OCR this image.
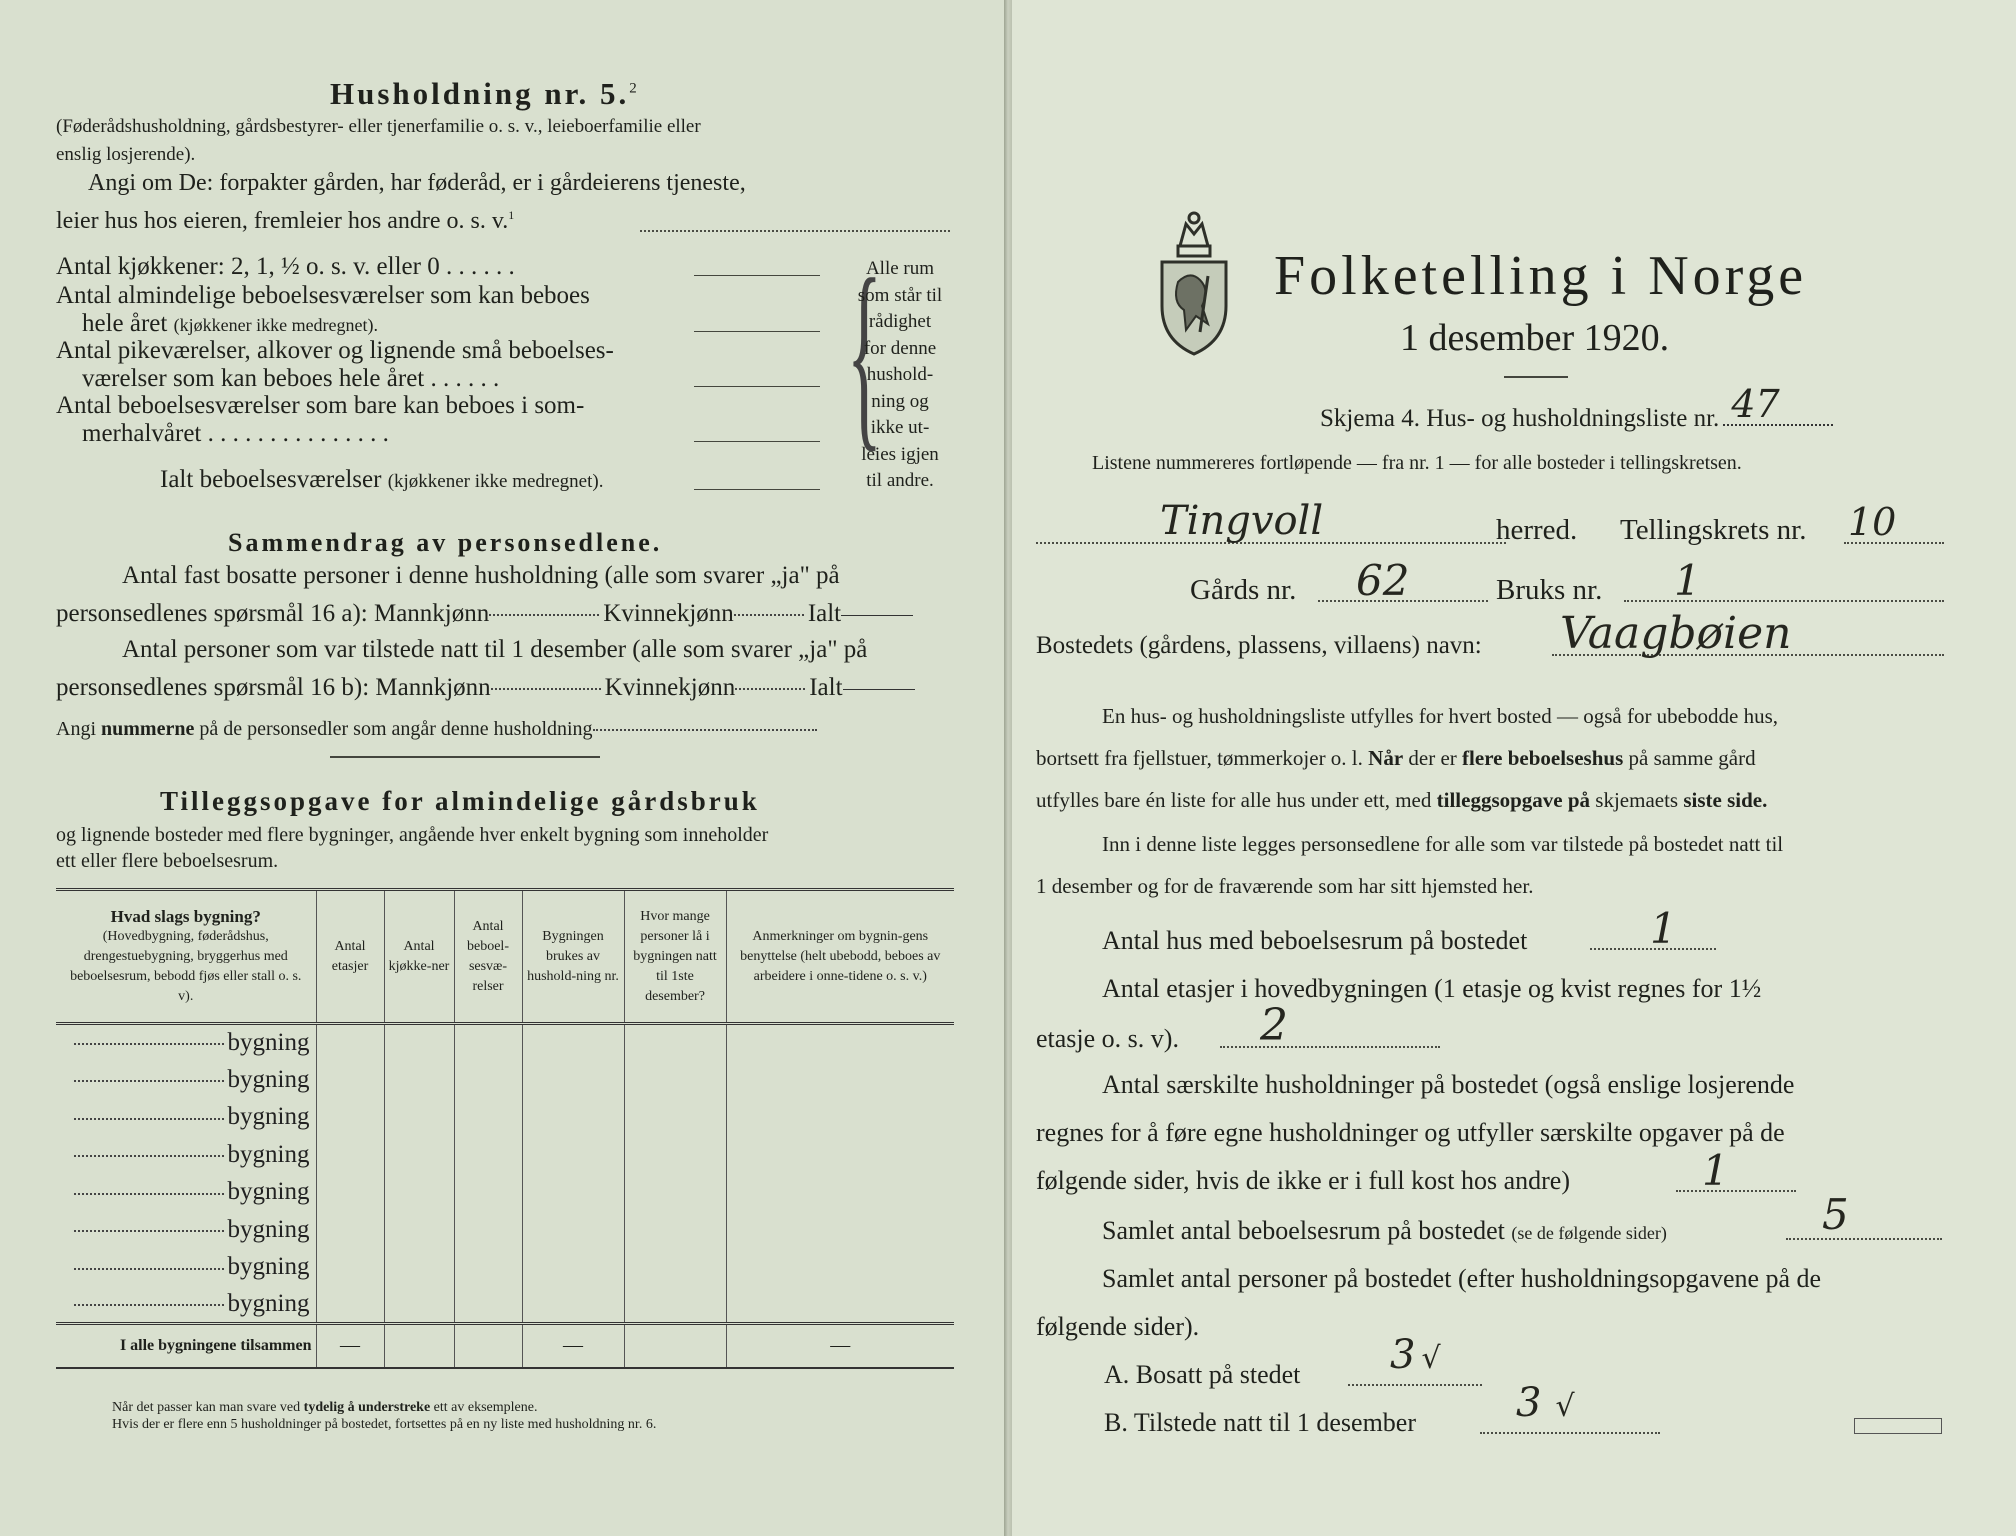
Husholdning nr. 5.$^2$
(Føderådshusholdning, gårdsbestyrer- eller tjenerfamilie o. s. v., leieboerfamilie eller
enslig losjerende).
Angi om De: forpakter gården, har føderåd, er i gårdeierens tjeneste,
leier hus hos eieren, fremleier hos andre o. s. v.$^1$
Antal kjøkkener: 2, 1, ½ o. s. v. eller 0 . . . . . .
Antal almindelige beboelsesværelser som kan beboes
hele året (kjøkkener ikke medregnet).
Antal pikeværelser, alkover og lignende små beboelses-
værelser som kan beboes hele året . . . . . .
Antal beboelsesværelser som bare kan beboes i som-
merhalvåret . . . . . . . . . . . . . . .
Ialt beboelsesværelser (kjøkkener ikke medregnet).
{
Alle rum
som står til
rådighet
for denne
hushold-
ning og
ikke ut-
leies igjen
til andre.
Sammendrag av personsedlene.
Antal fast bosatte personer i denne husholdning (alle som svarer „ja" på
personsedlenes spørsmål 16 a): Mannkjønn	Kvinnekjønn	Ialt
Antal personer som var tilstede natt til 1 desember (alle som svarer „ja" på
personsedlenes spørsmål 16 b): Mannkjønn	Kvinnekjønn	Ialt
Angi nummerne på de personsedler som angår denne husholdning
Tilleggsopgave for almindelige gårdsbruk
og lignende bosteder med flere bygninger, angående hver enkelt bygning som inneholder
ett eller flere beboelsesrum.
Hvad slags bygning?
(Hovedbygning, føderådshus, drengestuebygning, bryggerhus med beboelsesrum, bebodd fjøs eller stall o. s. v).	Antal etasjer	Antal kjøkke-ner	Antal beboel-sesvæ-relser	Bygningen brukes av hushold-ning nr.	Hvor mange personer lå i bygningen natt til 1ste desember?	Anmerkninger om bygnin-gens benyttelse (helt ubebodd, beboes av arbeidere i onne-tidene o. s. v.)

bygning						

bygning						

bygning						

bygning						

bygning						

bygning						

bygning						

bygning						

I alle bygningene tilsammen	—			—		—
Når det passer kan man svare ved tydelig å understreke ett av eksemplene.
Hvis der er flere enn 5 husholdninger på bostedet, fortsettes på en ny liste med husholdning nr. 6.
Folketelling i Norge
1 desember 1920.
Skjema 4. Hus- og husholdningsliste nr. 47
Listene nummereres fortløpende — fra nr. 1 — for alle bosteder i tellingskretsen.
Tingvoll	herred. Tellingskrets nr. 10
Gårds nr. 62	Bruks nr. 1
Bostedets (gårdens, plassens, villaens) navn: Vaagbøien
En hus- og husholdningsliste utfylles for hvert bosted — også for ubebodde hus,
bortsett fra fjellstuer, tømmerkojer o. l. Når der er flere beboelseshus på samme gård
utfylles bare én liste for alle hus under ett, med tilleggsopgave på skjemaets siste side.
Inn i denne liste legges personsedlene for alle som var tilstede på bostedet natt til
1 desember og for de fraværende som har sitt hjemsted her.
Antal hus med beboelsesrum på bostedet	1
Antal etasjer i hovedbygningen (1 etasje og kvist regnes for 1½
etasje o. s. v). 2
Antal særskilte husholdninger på bostedet (også enslige losjerende
regnes for å føre egne husholdninger og utfyller særskilte opgaver på de
følgende sider, hvis de ikke er i full kost hos andre)	1
Samlet antal beboelsesrum på bostedet (se de følgende sider)	5
Samlet antal personer på bostedet (efter husholdningsopgavene på de
følgende sider).
A. Bosatt på stedet 3 √
B. Tilstede natt til 1 desember	3 √
